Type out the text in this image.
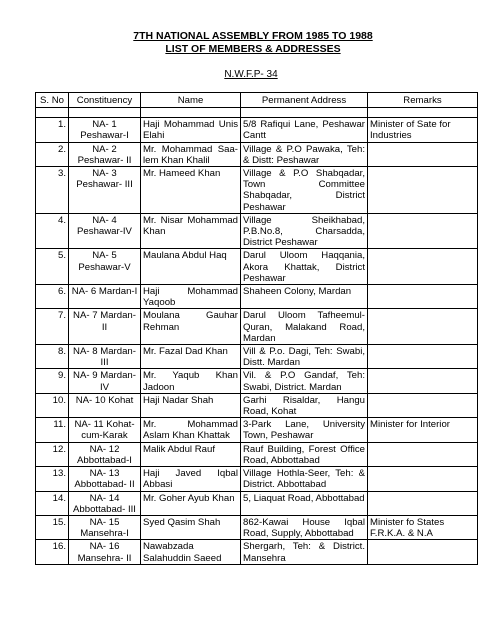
7TH NATIONAL ASSEMBLY FROM 1985 TO 1988
LIST OF MEMBERS & ADDRESSES
N.W.F.P- 34
S. No	Constituency	Name	Permanent Address	Remarks

1.	NA- 1 Peshawar-I	Haji Mohammad Unis Elahi	5/8 Rafiqui Lane, Peshawar Cantt	Minister of Sate for Industries
2.	NA- 2 Peshawar- II	Mr. Mohammad Saa-lem Khan Khalil	Village & P.O Pawaka, Teh: & Distt: Peshawar	
3.	NA- 3 Peshawar- III	Mr. Hameed Khan	Village & P.O Shabqadar, Town Committee Shabqadar, District Peshawar	
4.	NA- 4 Peshawar-IV	Mr. Nisar Mohammad Khan	Village Sheikhabad, P.B.No.8, Charsadda, District Peshawar	
5.	NA- 5 Peshawar-V	Maulana Abdul Haq	Darul Uloom Haqqania, Akora Khattak, District Peshawar	
6.	NA- 6 Mardan-I	Haji Mohammad Yaqoob	Shaheen Colony, Mardan	
7.	NA- 7 Mardan- II	Moulana Gauhar Rehman	Darul Uloom Tafheemul-Quran, Malakand Road, Mardan	
8.	NA- 8 Mardan- III	Mr. Fazal Dad Khan	Vill & P.o. Dagi, Teh: Swabi, Distt. Mardan	
9.	NA- 9 Mardan-IV	Mr. Yaqub Khan Jadoon	Vil. & P.O Gandaf, Teh: Swabi, District. Mardan	
10.	NA- 10 Kohat	Haji Nadar Shah	Garhi Risaldar, Hangu Road, Kohat	
11.	NA- 11 Kohat-cum-Karak	Mr. Mohammad Aslam Khan Khattak	3-Park Lane, University Town, Peshawar	Minister for Interior
12.	NA- 12 Abbottabad-I	Malik Abdul Rauf	Rauf Building, Forest Office Road, Abbottabad	
13.	NA- 13 Abbottabad- II	Haji Javed Iqbal Abbasi	Village Hothla-Seer, Teh: & District. Abbottabad	
14.	NA- 14 Abbottabad- III	Mr. Goher Ayub Khan	5, Liaquat Road, Abbottabad	
15.	NA- 15 Mansehra-I	Syed Qasim Shah	862-Kawai House Iqbal Road, Supply, Abbottabad	Minister fo States F.R.K.A. & N.A
16.	NA- 16 Mansehra- II	Nawabzada Salahuddin Saeed	Shergarh, Teh: & District. Mansehra	
